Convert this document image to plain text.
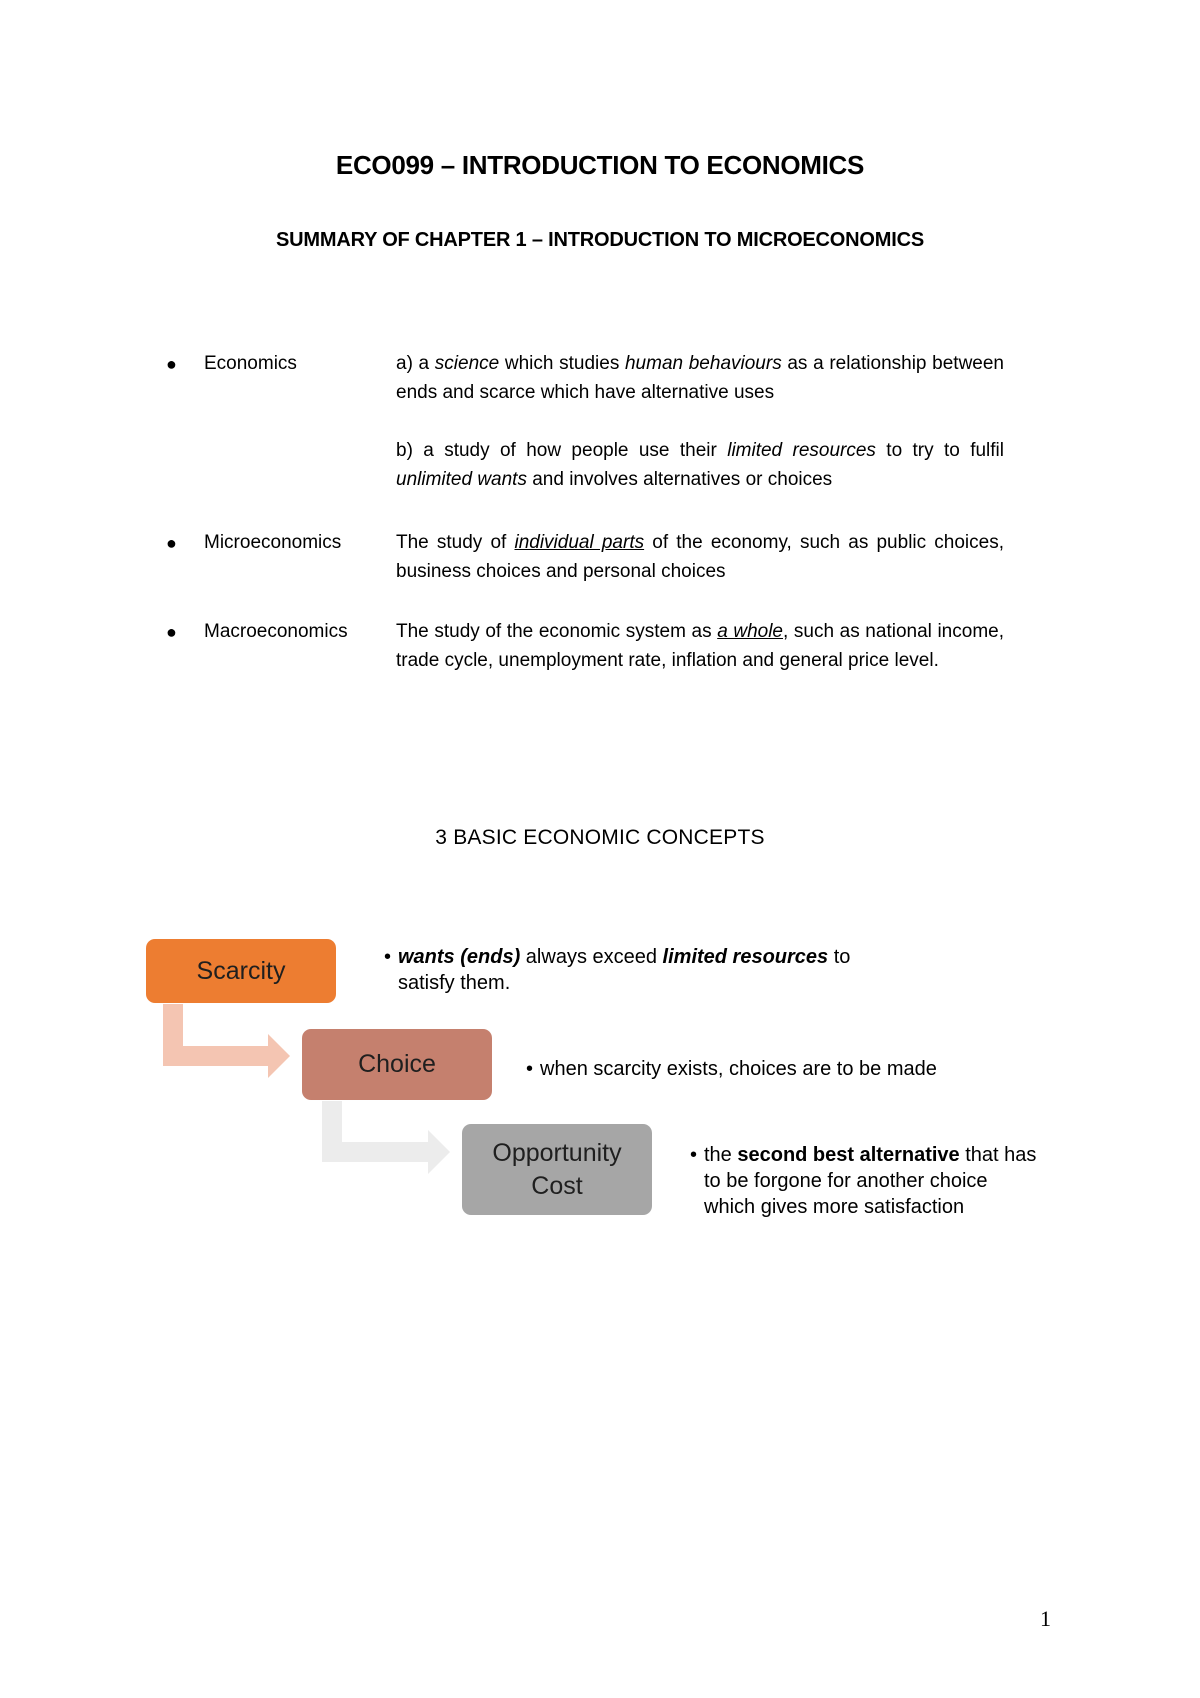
ECO099 – INTRODUCTION TO ECONOMICS
SUMMARY OF CHAPTER 1 – INTRODUCTION TO MICROECONOMICS
● Economics	a) a science which studies human behaviours as a relationship between ends and scarce which have alternative uses

b) a study of how people use their limited resources to try to fulfil unlimited wants and involves alternatives or choices

● Microeconomics	The study of individual parts of the economy, such as public choices, business choices and personal choices

● Macroeconomics	The study of the economic system as a whole, such as national income, trade cycle, unemployment rate, inflation and general price level.

3 BASIC ECONOMIC CONCEPTS
Scarcity
Choice
Opportunity
Cost
• wants (ends) always exceed limited resources to
satisfy them.
• when scarcity exists, choices are to be made
• the second best alternative that has
to be forgone for another choice
which gives more satisfaction
1
